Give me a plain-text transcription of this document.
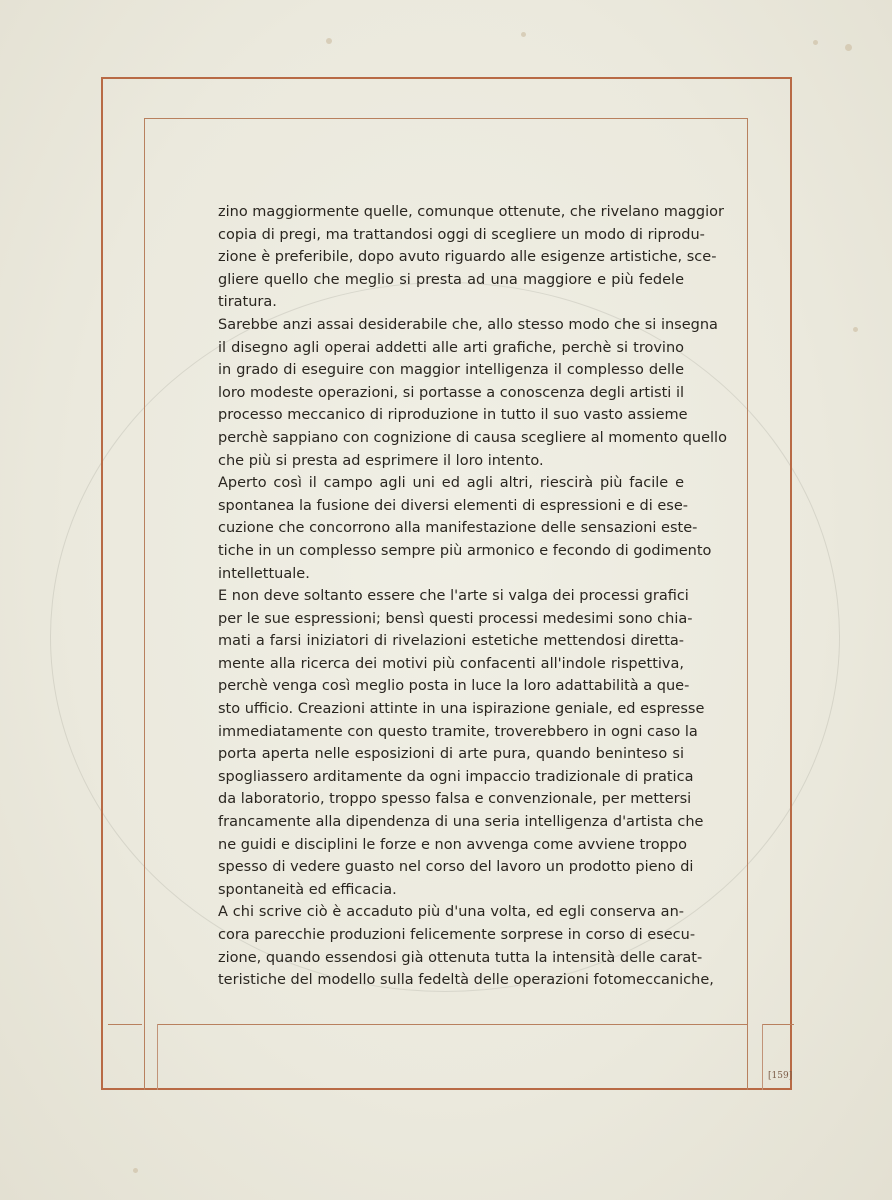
zino maggiormente quelle, comunque ottenute, che rivelano maggior
copia di pregi, ma trattandosi oggi di scegliere un modo di riprodu-
zione è preferibile, dopo avuto riguardo alle esigenze artistiche, sce-
gliere quello che meglio si presta ad una maggiore e più fedele
tiratura.
Sarebbe anzi assai desiderabile che, allo stesso modo che si insegna
il disegno agli operai addetti alle arti grafiche, perchè si trovino
in grado di eseguire con maggior intelligenza il complesso delle
loro modeste operazioni, si portasse a conoscenza degli artisti il
processo meccanico di riproduzione in tutto il suo vasto assieme
perchè sappiano con cognizione di causa scegliere al momento quello
che più si presta ad esprimere il loro intento.
Aperto così il campo agli uni ed agli altri, riescirà più facile e
spontanea la fusione dei diversi elementi di espressioni e di ese-
cuzione che concorrono alla manifestazione delle sensazioni este-
tiche in un complesso sempre più armonico e fecondo di godimento
intellettuale.
E non deve soltanto essere che l'arte si valga dei processi grafici
per le sue espressioni; bensì questi processi medesimi sono chia-
mati a farsi iniziatori di rivelazioni estetiche mettendosi diretta-
mente alla ricerca dei motivi più confacenti all'indole rispettiva,
perchè venga così meglio posta in luce la loro adattabilità a que-
sto ufficio. Creazioni attinte in una ispirazione geniale, ed espresse
immediatamente con questo tramite, troverebbero in ogni caso la
porta aperta nelle esposizioni di arte pura, quando beninteso si
spogliassero arditamente da ogni impaccio tradizionale di pratica
da laboratorio, troppo spesso falsa e convenzionale, per mettersi
francamente alla dipendenza di una seria intelligenza d'artista che
ne guidi e disciplini le forze e non avvenga come avviene troppo
spesso di vedere guasto nel corso del lavoro un prodotto pieno di
spontaneità ed efficacia.
A chi scrive ciò è accaduto più d'una volta, ed egli conserva an-
cora parecchie produzioni felicemente sorprese in corso di esecu-
zione, quando essendosi già ottenuta tutta la intensità delle carat-
teristiche del modello sulla fedeltà delle operazioni fotomeccaniche,
[159]
